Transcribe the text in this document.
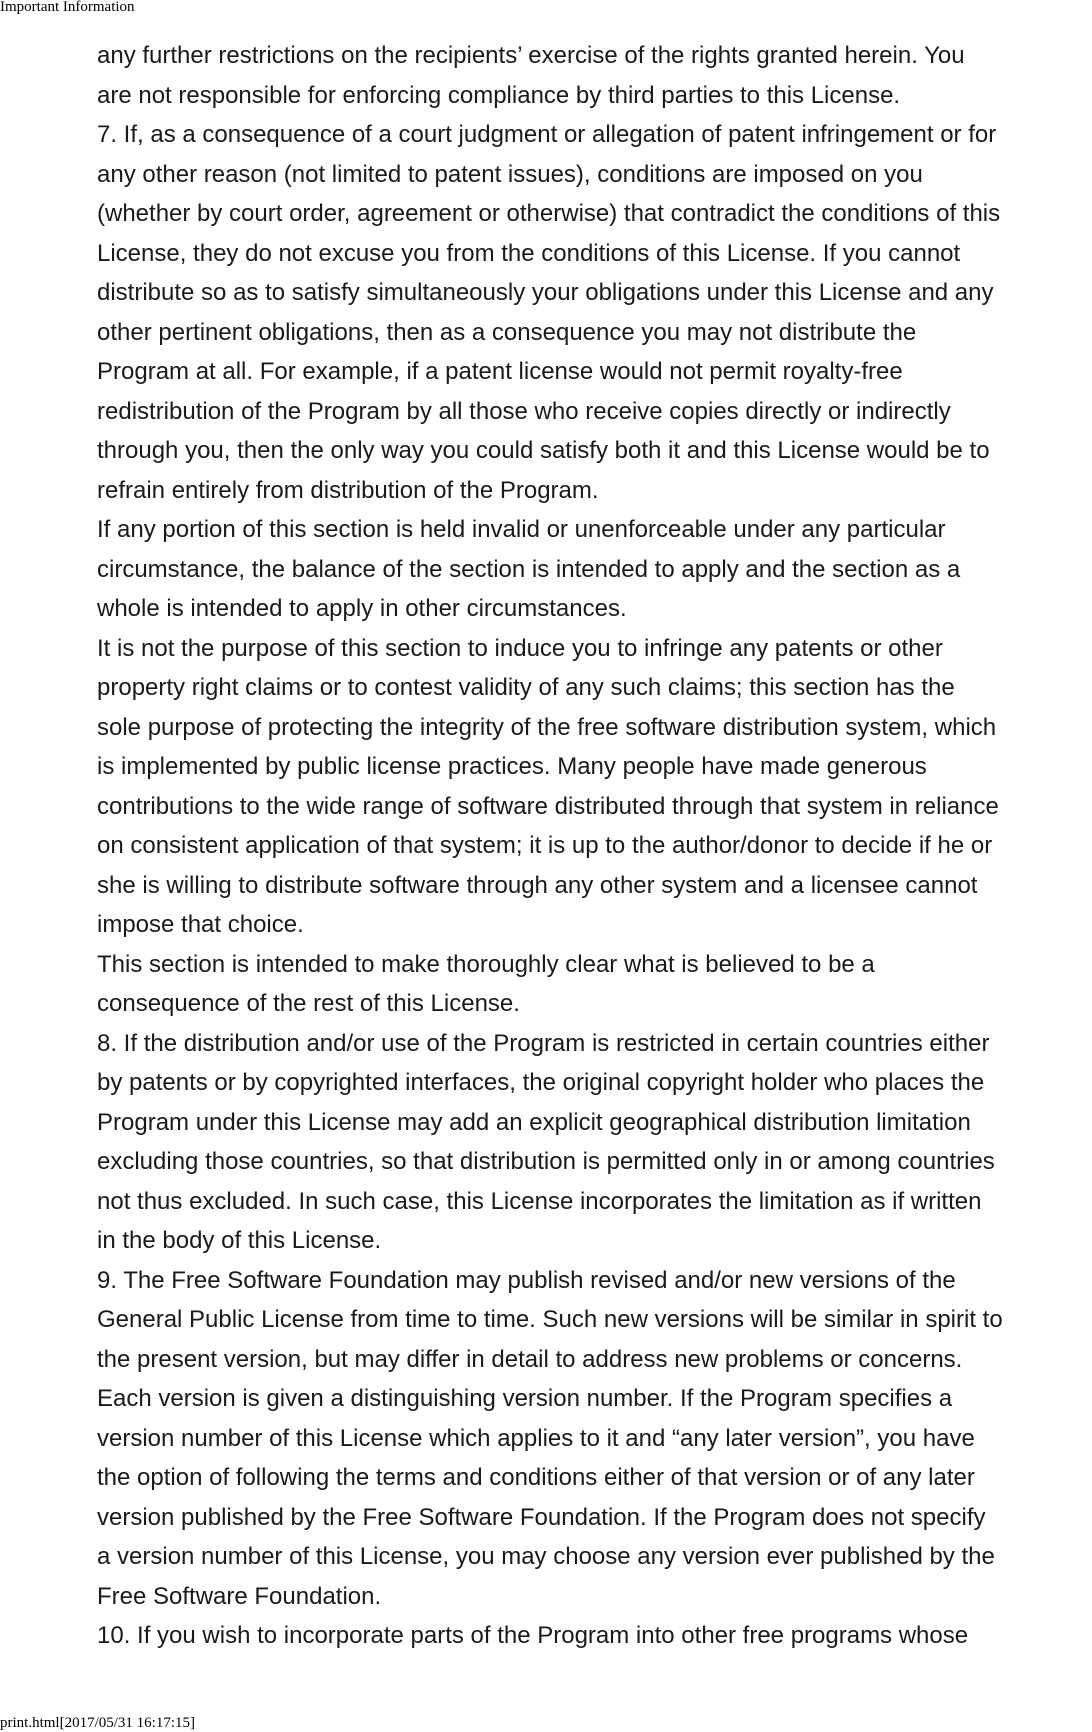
Important Information
any further restrictions on the recipients’ exercise of the rights granted herein. You
are not responsible for enforcing compliance by third parties to this License.
7. If, as a consequence of a court judgment or allegation of patent infringement or for
any other reason (not limited to patent issues), conditions are imposed on you
(whether by court order, agreement or otherwise) that contradict the conditions of this
License, they do not excuse you from the conditions of this License. If you cannot
distribute so as to satisfy simultaneously your obligations under this License and any
other pertinent obligations, then as a consequence you may not distribute the
Program at all. For example, if a patent license would not permit royalty-free
redistribution of the Program by all those who receive copies directly or indirectly
through you, then the only way you could satisfy both it and this License would be to
refrain entirely from distribution of the Program.
If any portion of this section is held invalid or unenforceable under any particular
circumstance, the balance of the section is intended to apply and the section as a
whole is intended to apply in other circumstances.
It is not the purpose of this section to induce you to infringe any patents or other
property right claims or to contest validity of any such claims; this section has the
sole purpose of protecting the integrity of the free software distribution system, which
is implemented by public license practices. Many people have made generous
contributions to the wide range of software distributed through that system in reliance
on consistent application of that system; it is up to the author/donor to decide if he or
she is willing to distribute software through any other system and a licensee cannot
impose that choice.
This section is intended to make thoroughly clear what is believed to be a
consequence of the rest of this License.
8. If the distribution and/or use of the Program is restricted in certain countries either
by patents or by copyrighted interfaces, the original copyright holder who places the
Program under this License may add an explicit geographical distribution limitation
excluding those countries, so that distribution is permitted only in or among countries
not thus excluded. In such case, this License incorporates the limitation as if written
in the body of this License.
9. The Free Software Foundation may publish revised and/or new versions of the
General Public License from time to time. Such new versions will be similar in spirit to
the present version, but may differ in detail to address new problems or concerns.
Each version is given a distinguishing version number. If the Program specifies a
version number of this License which applies to it and “any later version”, you have
the option of following the terms and conditions either of that version or of any later
version published by the Free Software Foundation. If the Program does not specify
a version number of this License, you may choose any version ever published by the
Free Software Foundation.
10. If you wish to incorporate parts of the Program into other free programs whose
print.html[2017/05/31 16:17:15]
